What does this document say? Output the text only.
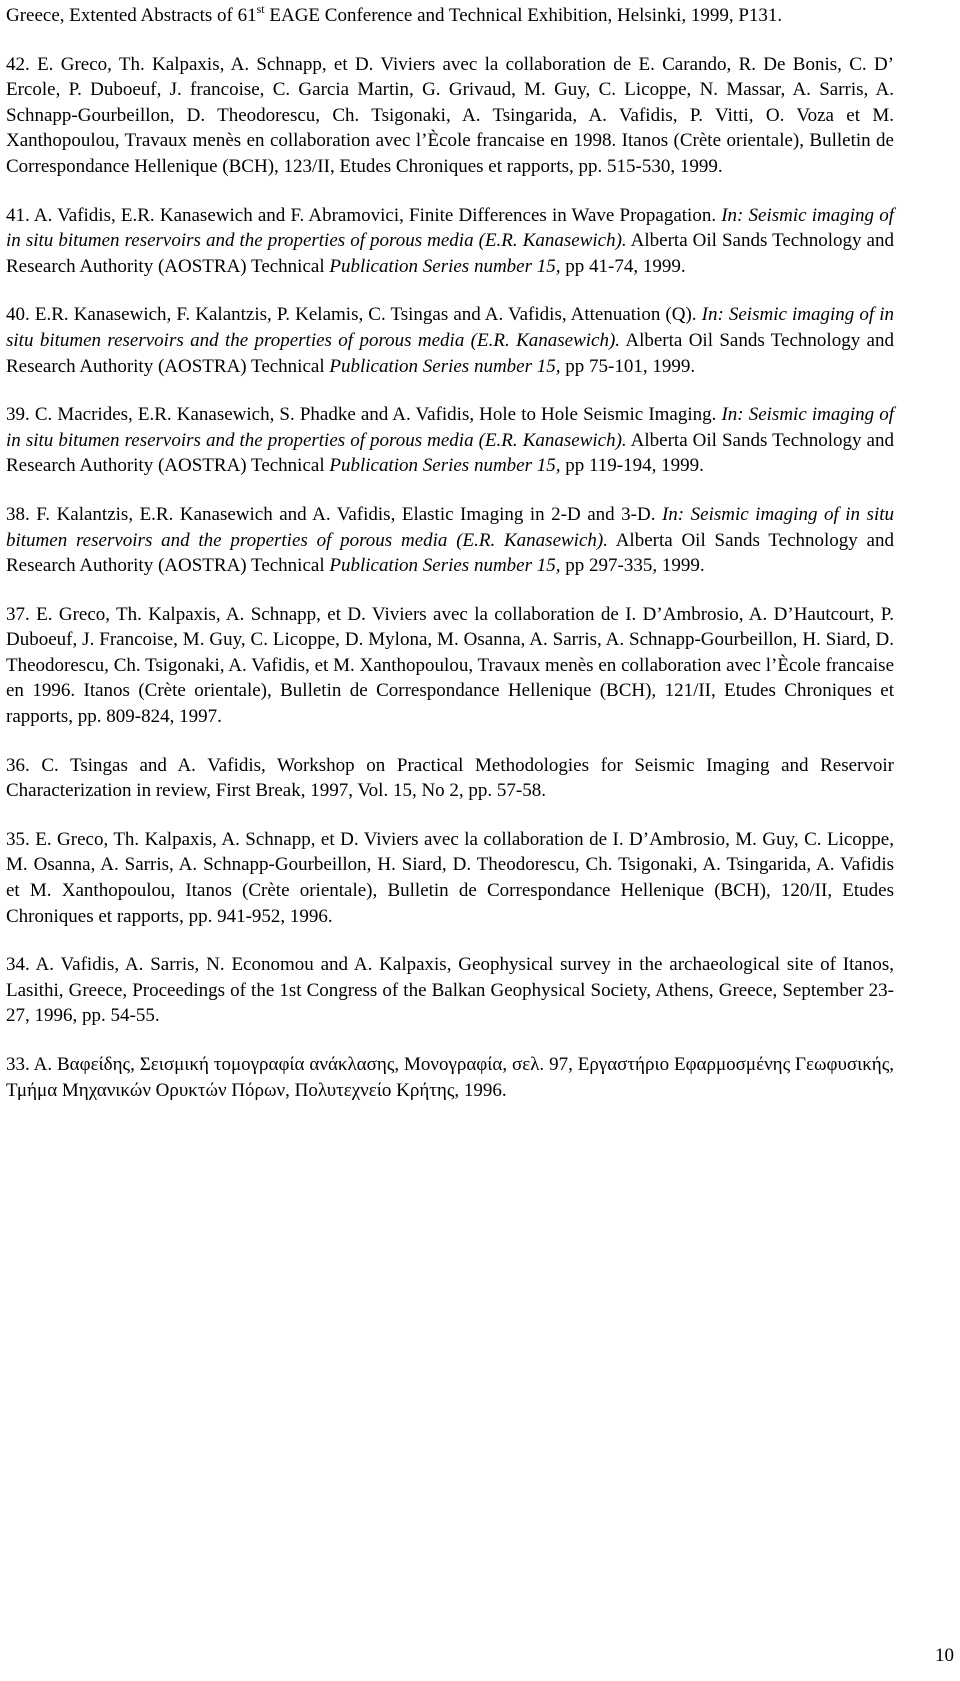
Greece, Extented Abstracts of 61st EAGE Conference and Technical Exhibition, Helsinki, 1999, P131.

42. E. Greco, Th. Kalpaxis, A. Schnapp, et D. Viviers avec la collaboration de E. Carando, R. De Bonis, C. D’ Ercole, P. Duboeuf, J. francoise, C. Garcia Martin, G. Grivaud, M. Guy, C. Licoppe, N. Massar, A. Sarris, A. Schnapp-Gourbeillon, D. Theodorescu, Ch. Tsigonaki, A. Tsingarida, A. Vafidis, P. Vitti, O. Voza et M. Xanthopoulou, Travaux menès en collaboration avec l’Ècole francaise en 1998. Itanos (Crète orientale), Bulletin de Correspondance Hellenique (BCH), 123/II, Etudes Chroniques et rapports, pp. 515-530, 1999.

41. A. Vafidis, E.R. Kanasewich and F. Abramovici, Finite Differences in Wave Propagation. In: Seismic imaging of in situ bitumen reservoirs and the properties of porous media (E.R. Kanasewich). Alberta Oil Sands Technology and Research Authority (AOSTRA) Technical Publication Series number 15, pp 41-74, 1999.

40. E.R. Kanasewich, F. Kalantzis, P. Kelamis, C. Tsingas and A. Vafidis, Attenuation (Q). In: Seismic imaging of in situ bitumen reservoirs and the properties of porous media (E.R. Kanasewich). Alberta Oil Sands Technology and Research Authority (AOSTRA) Technical Publication Series number 15, pp 75-101, 1999.

39. C. Macrides, E.R. Kanasewich, S. Phadke and A. Vafidis, Hole to Hole Seismic Imaging. In: Seismic imaging of in situ bitumen reservoirs and the properties of porous media (E.R. Kanasewich). Alberta Oil Sands Technology and Research Authority (AOSTRA) Technical Publication Series number 15, pp 119-194, 1999.

38. F. Kalantzis, E.R. Kanasewich and A. Vafidis, Elastic Imaging in 2-D and 3-D. In: Seismic imaging of in situ bitumen reservoirs and the properties of porous media (E.R. Kanasewich). Alberta Oil Sands Technology and Research Authority (AOSTRA) Technical Publication Series number 15, pp 297-335, 1999.

37. E. Greco, Th. Kalpaxis, A. Schnapp, et D. Viviers avec la collaboration de I. D’Ambrosio, A. D’Hautcourt, P. Duboeuf, J. Francoise, M. Guy, C. Licoppe, D. Mylona, M. Osanna, A. Sarris, A. Schnapp-Gourbeillon, H. Siard, D. Theodorescu, Ch. Tsigonaki, A. Vafidis, et M. Xanthopoulou, Travaux menès en collaboration avec l’Ècole francaise en 1996. Itanos (Crète orientale), Bulletin de Correspondance Hellenique (BCH), 121/II, Etudes Chroniques et rapports, pp. 809-824, 1997.

36. C. Tsingas and A. Vafidis, Workshop on Practical Methodologies for Seismic Imaging and Reservoir Characterization in review, First Break, 1997, Vol. 15, No 2, pp. 57-58.

35. E. Greco, Th. Kalpaxis, A. Schnapp, et D. Viviers avec la collaboration de I. D’Ambrosio, M. Guy, C. Licoppe, M. Osanna, A. Sarris, A. Schnapp-Gourbeillon, H. Siard, D. Theodorescu, Ch. Tsigonaki, A. Tsingarida, A. Vafidis et M. Xanthopoulou, Itanos (Crète orientale), Bulletin de Correspondance Hellenique (BCH), 120/II, Etudes Chroniques et rapports, pp. 941-952, 1996.

34. A. Vafidis, A. Sarris, N. Economou and A. Kalpaxis, Geophysical survey in the archaeological site of Itanos, Lasithi, Greece, Proceedings of the 1st Congress of the Balkan Geophysical Society, Athens, Greece, September 23-27, 1996, pp. 54-55.

33. A. Βαφείδης, Σεισμική τομογραφία ανάκλασης, Μονογραφία, σελ. 97, Εργαστήριο Εφαρμοσμένης Γεωφυσικής, Τμήμα Μηχανικών Ορυκτών Πόρων, Πολυτεχνείο Κρήτης, 1996.

10
